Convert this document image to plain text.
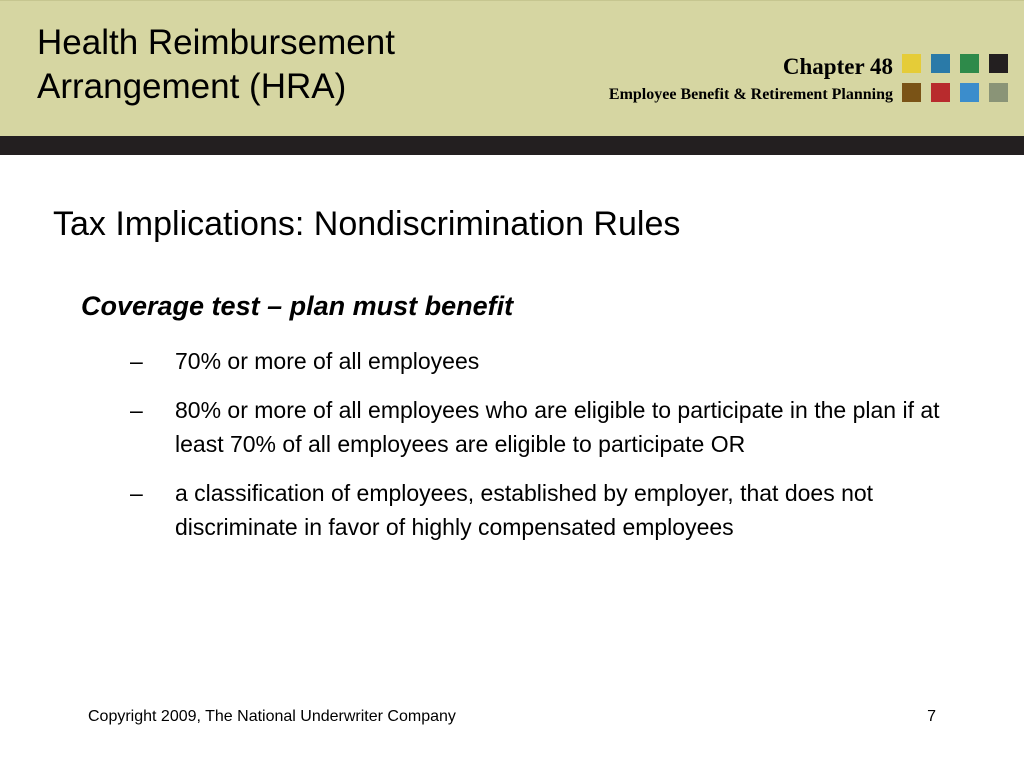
Health Reimbursement Arrangement (HRA)
Chapter 48
Employee Benefit & Retirement Planning
Tax Implications: Nondiscrimination Rules
Coverage test – plan must benefit
– 70% or more of all employees
– 80% or more of all employees who are eligible to participate in the plan if at least 70% of all employees are eligible to participate OR
– a classification of employees, established by employer, that does not discriminate in favor of highly compensated employees
Copyright 2009, The National Underwriter Company	7
